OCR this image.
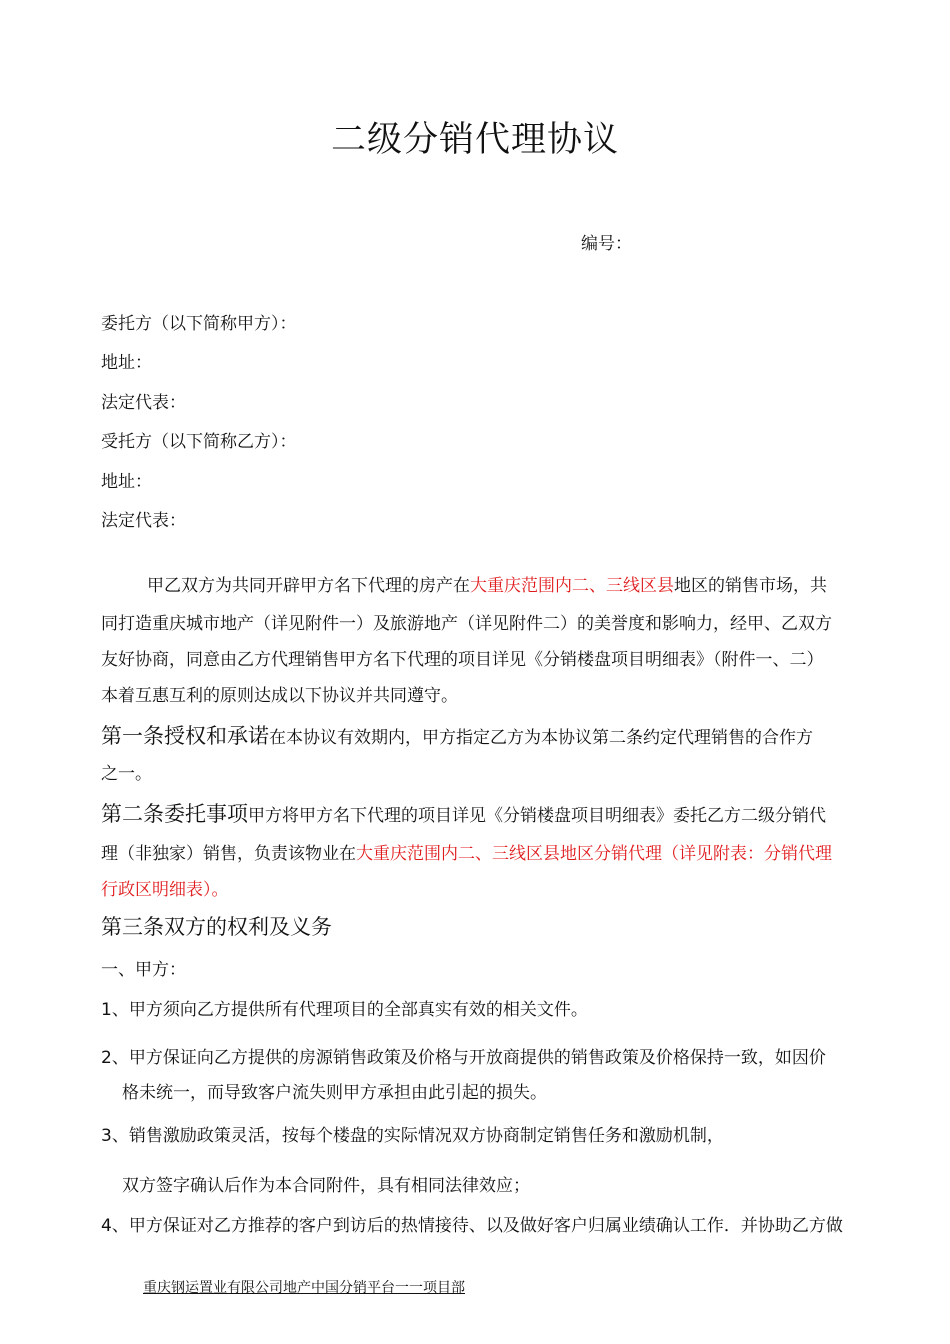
二级分销代理协议
编号：
委托方（以下简称甲方）：
地址：
法定代表：
受托方（以下简称乙方）：
地址：
法定代表：
甲乙双方为共同开辟甲方名下代理的房产在大重庆范围内二、三线区县地区的销售市场，共
同打造重庆城市地产（详见附件一）及旅游地产（详见附件二）的美誉度和影响力，经甲、乙双方
友好协商，同意由乙方代理销售甲方名下代理的项目详见《分销楼盘项目明细表》（附件一、二）
本着互惠互利的原则达成以下协议并共同遵守。
第一条授权和承诺在本协议有效期内，甲方指定乙方为本协议第二条约定代理销售的合作方
之一。
第二条委托事项甲方将甲方名下代理的项目详见《分销楼盘项目明细表》委托乙方二级分销代
理（非独家）销售，负责该物业在大重庆范围内二、三线区县地区分销代理（详见附表：分销代理
行政区明细表）。
第三条双方的权利及义务
一、甲方：
1、甲方须向乙方提供所有代理项目的全部真实有效的相关文件。
2、甲方保证向乙方提供的房源销售政策及价格与开放商提供的销售政策及价格保持一致，如因价
格未统一，而导致客户流失则甲方承担由此引起的损失。
3、销售激励政策灵活，按每个楼盘的实际情况双方协商制定销售任务和激励机制，
双方签字确认后作为本合同附件，具有相同法律效应；
4、甲方保证对乙方推荐的客户到访后的热情接待、以及做好客户归属业绩确认工作．并协助乙方做
重庆钢运置业有限公司地产中国分销平台一一项目部
